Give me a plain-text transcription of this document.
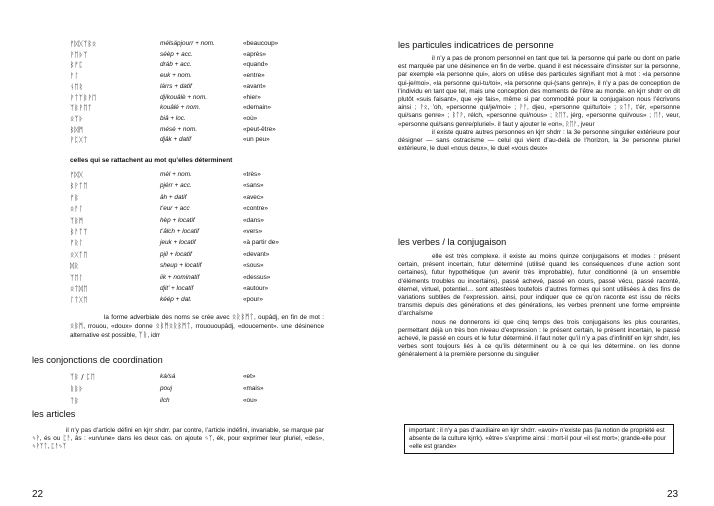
ᚠᛞᚷᛉᛒᛟ	mélsápjourr + nom.	«beaucoup»
ᚹᛖᚦᛉ	séèp + acc.	«après»
ᛒᚠᛈ	dráb + acc.	«quand»
ᚨᛚ	euk + nom.	«entre»
ᚾᛖᚱ	lárrs + datif	«avant»
ᚹᛏᛉᛒᚹᛖ	djíkouâlè + nom.	«hier»
ᛉᛒᚹᛖᛏ	kouâlé + nom.	«demain»
ᛟᛉᚦ	biâ + loc.	«où»
ᛒᛞᛗ	mésé + nom.	«peut-être»
ᚹᛈᚷᛏ	djâk + datif	«un peu»
celles qui se rattachent au mot qu’elles déterminent
ᚠᛞᚷ	mèl + nom.	«très»
ᛒᚹᛏᛖ	pjérr + acc.	«sans»
ᚠᛒ	âh + datif	«avec»
ᛟᚨᛚ	t’eur + acc	«contre»
ᛉᛒᛗ	hèp + locatif	«dans»
ᛒᚨᛏᛉ	t’âlch + locatif	«vers»
ᚠᚱᛚ	jeuk + locatif	«à partir de»
ᛟᚷᛏᛖ	pjil + locatif	«devant»
ᛞᚱ	sheup + locatif	«sous»
ᛉᛖᛚ	iik + nominatif	«dessus»
ᛟᛏᛞᛖ	djit’ + locatif	«autour»
ᛚᛏᚷᛖ	kéép + dat.	«pour»

la forme adverbiale des noms se crée avec ᛟᚱᛒᛗᛏ, oupâdj, en fin de mot : ᛟᛒᛗ, rrouou, «doux» donne ᛟᛒᛗᛟᚱᛒᛗᛏ, rrouououpâdj, «doucement». une désinence alternative est possible, ᛉᚱ, idrr

les conjonctions de coordination
ᛉᛒ / ᛈᛖ	ká/sá	«et»
ᚱᛒᚦ	pouj	«mais»
ᛏᛒ	ilch	«ou»
les articles

il n’y pas d’article défini en kjrr shdrr. par contre, l’article indéfini, invariable, se marque par ᛃᚹ, és ou ᛈᚨ, âs : «un/une» dans les deux cas. on ajoute ᛃᛉ, ék, pour exprimer leur pluriel, «des», ᛃᚹᛉᛏ, ᛈᚨᛃᛉ

22
les particules indicatrices de personne

il n’y a pas de pronom personnel en tant que tel. la personne qui parle ou dont on parle est marquée par une désinence en fin de verbe. quand il est nécessaire d’insister sur la personne, par exemple «la personne qui», alors on utilise des particules signifiant mot à mot : «la personne qui-je/moi», «la personne qui-tu/toi», «la personne qui-(sans genre)», il n’y a pas de conception de l’individu en tant que tel, mais une conception des moments de l’être au monde. en kjrr shdrr on dit plutôt «suis faisant», que «je fais», même si par commodité pour la conjugaison nous l’écrivons ainsi ; ᚹᛟ, ’oh, «personne qui/je/moi» ; ᚹᚨ, djeu, «personne qui/tu/toi» ; ᛟᛏᚨ, t’ér, «personne qui/sans genre» ; ᛒᛏᚹ, rélch, «personne qui/nous» ; ᚱᛖᛉ, jérg, «personne qui/vous» ; ᛖᚨ, veur, «personne qui/sans genre/pluriel». il faut y ajouter le «on», ᚱᛖᚨ, jveur

il existe quatre autres personnes en kjrr shdrr : la 3e personne singulier extérieure pour désigner — sans ostracisme — celui qui vient d’au-delà de l’horizon, la 3e personne pluriel extérieure, le duel «nous deux», le duel «vous deux»

les verbes / la conjugaison

elle est très complexe. il existe au moins quinze conjugaisons et modes : présent certain, présent incertain, futur déterminé (utilisé quand les conséquences d’une action sont certaines), futur hypothétique (un avenir très improbable), futur conditionné (à un ensemble d’éléments troubles ou incertains), passé achevé, passé en cours, passé vécu, passé raconté, éternel, virtuel, potentiel… sont attestées toutefois d’autres formes qui sont utilisées à des fins de variations subtiles de l’expression. ainsi, pour indiquer que ce qu’on raconte est issu de récits transmis depuis des générations et des générations, les verbes prennent une forme empreinte d’archaïsme

nous ne donnerons ici que cinq temps des trois conjugaisons les plus courantes, permettant déjà un très bon niveau d’expression : le présent certain, le présent incertain, le passé achevé, le passé en cours et le futur déterminé. il faut noter qu’il n’y a pas d’infinitif en kjrr shdrr, les verbes sont toujours liés à ce qu’ils déterminent ou à ce qui les détermine. on les donne généralement à la première personne du singulier

important : il n’y a pas d’auxiliaire en kjrr shdrr. «avoir» n’existe pas (la notion de propriété est absente de la culture kjrrk). «être» s’exprime ainsi : mort-il pour «il est mort»; grande-elle pour «elle est grande»
23
